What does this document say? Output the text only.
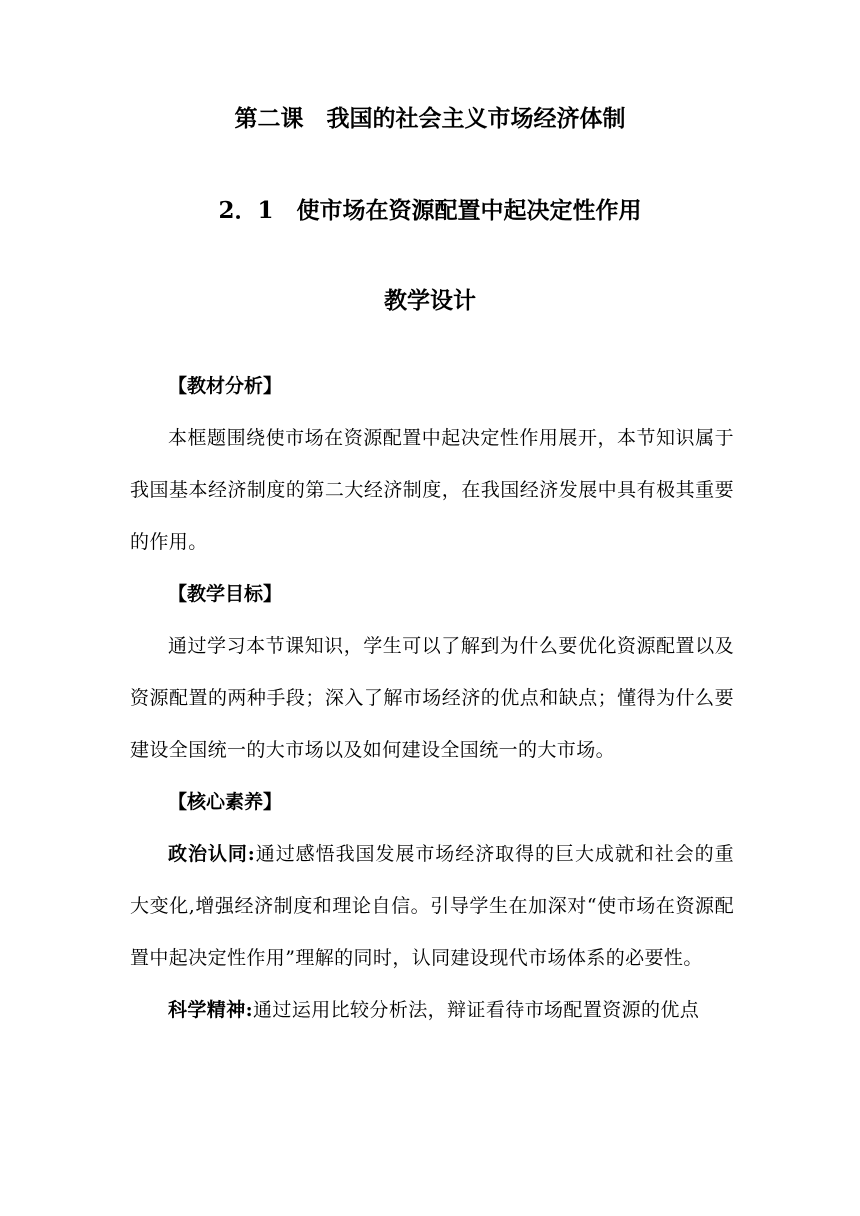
第二课　我国的社会主义市场经济体制
2．1　使市场在资源配置中起决定性作用
教学设计

【教材分析】

本框题围绕使市场在资源配置中起决定性作用展开，本节知识属于我国基本经济制度的第二大经济制度，在我国经济发展中具有极其重要的作用。

【教学目标】

通过学习本节课知识，学生可以了解到为什么要优化资源配置以及资源配置的两种手段；深入了解市场经济的优点和缺点；懂得为什么要建设全国统一的大市场以及如何建设全国统一的大市场。

【核心素养】

政治认同:通过感悟我国发展市场经济取得的巨大成就和社会的重大变化,增强经济制度和理论自信。引导学生在加深对“使市场在资源配置中起决定性作用”理解的同时，认同建设现代市场体系的必要性。

科学精神:通过运用比较分析法，辩证看待市场配置资源的优点
